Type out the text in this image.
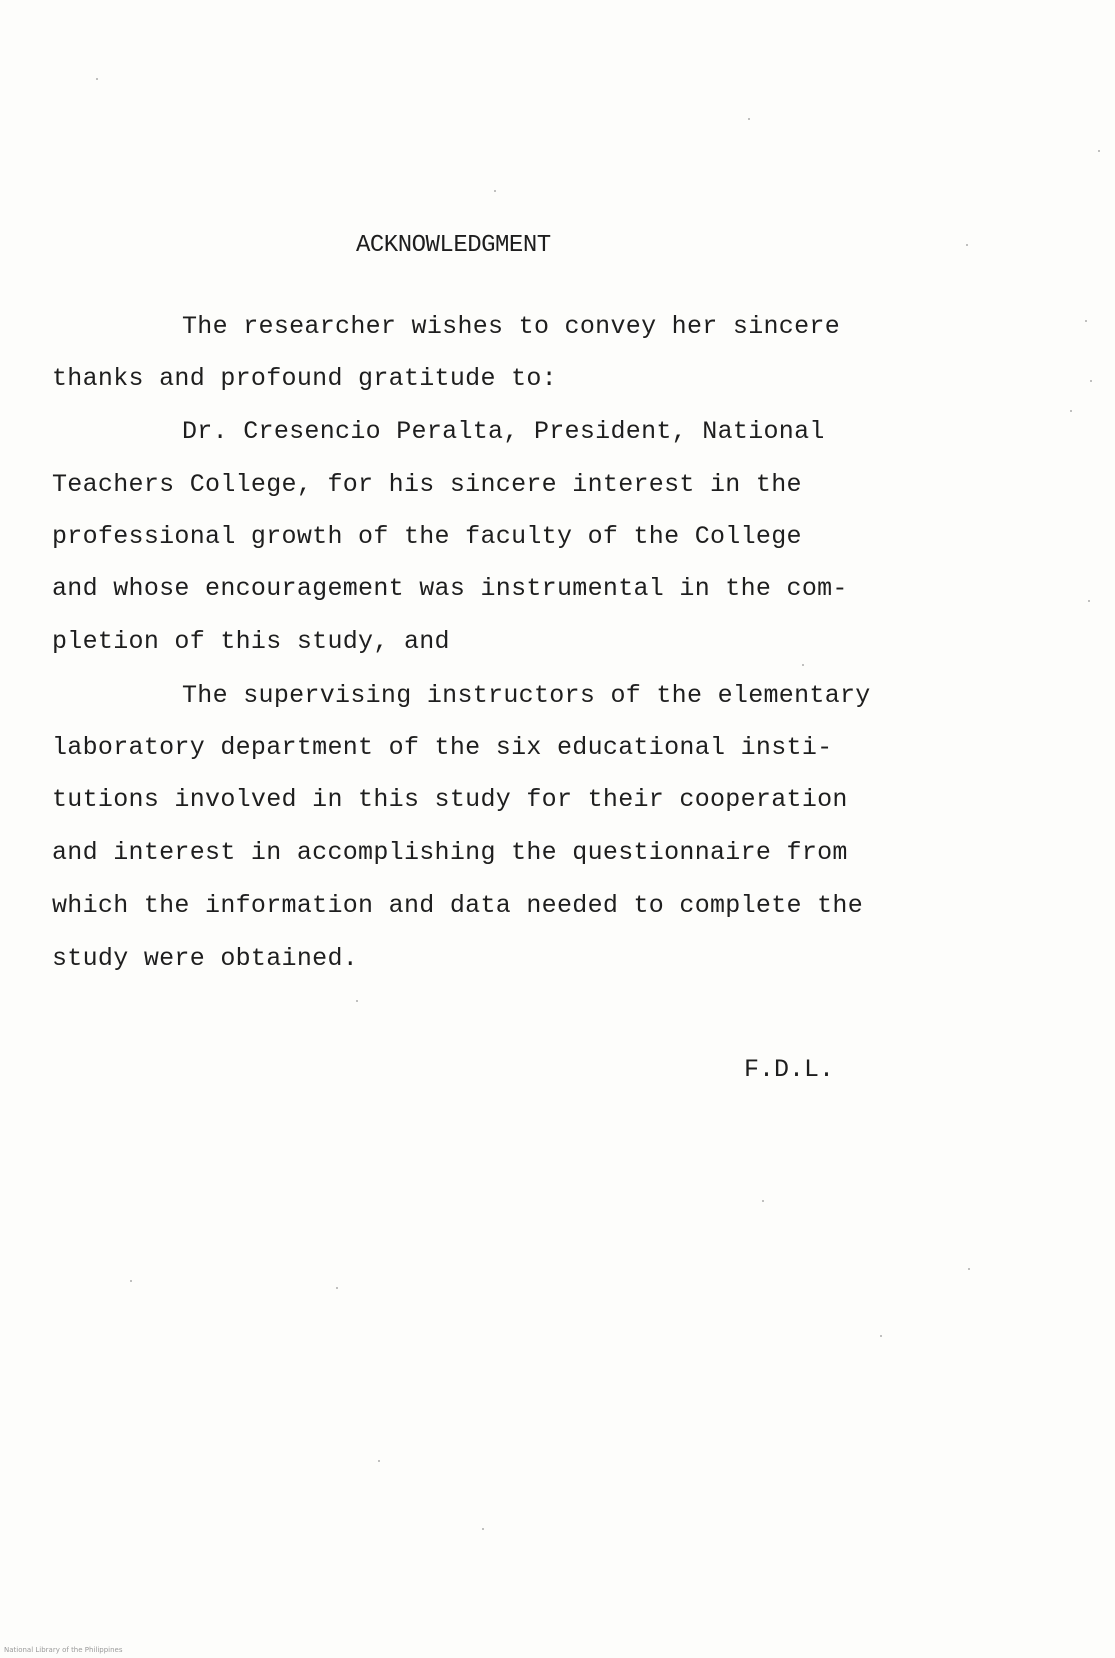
ACKNOWLEDGMENT
The researcher wishes to convey her sincere
thanks and profound gratitude to:
Dr. Cresencio Peralta, President, National
Teachers College, for his sincere interest in the
professional growth of the faculty of the College
and whose encouragement was instrumental in the com-
pletion of this study, and
The supervising instructors of the elementary
laboratory department of the six educational insti-
tutions involved in this study for their cooperation
and interest in accomplishing the questionnaire from
which the information and data needed to complete the
study were obtained.
F.D.L.
National Library of the Philippines
